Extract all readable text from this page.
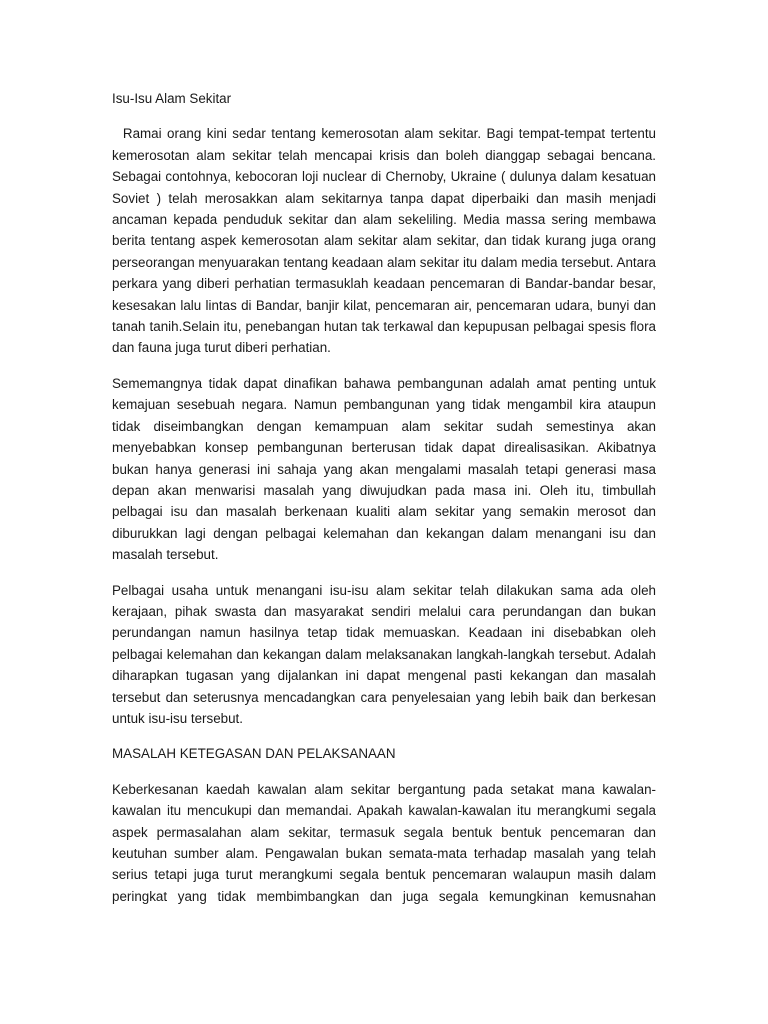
Isu-Isu Alam Sekitar

Ramai orang kini sedar tentang kemerosotan alam sekitar. Bagi tempat-tempat tertentu kemerosotan alam sekitar telah mencapai krisis dan boleh dianggap sebagai bencana. Sebagai contohnya, kebocoran loji nuclear di Chernoby, Ukraine ( dulunya dalam kesatuan Soviet ) telah merosakkan alam sekitarnya tanpa dapat diperbaiki dan masih menjadi ancaman kepada penduduk sekitar dan alam sekeliling. Media massa sering membawa berita tentang aspek kemerosotan alam sekitar alam sekitar, dan tidak kurang juga orang perseorangan menyuarakan tentang keadaan alam sekitar itu dalam media tersebut. Antara perkara yang diberi perhatian termasuklah keadaan pencemaran di Bandar-bandar besar, kesesakan lalu lintas di Bandar, banjir kilat, pencemaran air, pencemaran udara, bunyi dan tanah tanih.Selain itu, penebangan hutan tak terkawal dan kepupusan pelbagai spesis flora dan fauna juga turut diberi perhatian.

Sememangnya tidak dapat dinafikan bahawa pembangunan adalah amat penting untuk kemajuan sesebuah negara. Namun pembangunan yang tidak mengambil kira ataupun tidak diseimbangkan dengan kemampuan alam sekitar sudah semestinya akan menyebabkan konsep pembangunan berterusan tidak dapat direalisasikan. Akibatnya bukan hanya generasi ini sahaja yang akan mengalami masalah tetapi generasi masa depan akan menwarisi masalah yang diwujudkan pada masa ini. Oleh itu, timbullah pelbagai isu dan masalah berkenaan kualiti alam sekitar yang semakin merosot dan diburukkan lagi dengan pelbagai kelemahan dan kekangan dalam menangani isu dan masalah tersebut.

Pelbagai usaha untuk menangani isu-isu alam sekitar telah dilakukan sama ada oleh kerajaan, pihak swasta dan masyarakat sendiri melalui cara perundangan dan bukan perundangan namun hasilnya tetap tidak memuaskan. Keadaan ini disebabkan oleh pelbagai kelemahan dan kekangan dalam melaksanakan langkah-langkah tersebut. Adalah diharapkan tugasan yang dijalankan ini dapat mengenal pasti kekangan dan masalah tersebut dan seterusnya mencadangkan cara penyelesaian yang lebih baik dan berkesan untuk isu-isu tersebut.

MASALAH KETEGASAN DAN PELAKSANAAN

Keberkesanan kaedah kawalan alam sekitar bergantung pada setakat mana kawalan-kawalan itu mencukupi dan memandai. Apakah kawalan-kawalan itu merangkumi segala aspek permasalahan alam sekitar, termasuk segala bentuk bentuk pencemaran dan keutuhan sumber alam. Pengawalan bukan semata-mata terhadap masalah yang telah serius tetapi juga turut merangkumi segala bentuk pencemaran walaupun masih dalam peringkat yang tidak membimbangkan dan juga segala kemungkinan kemusnahan
